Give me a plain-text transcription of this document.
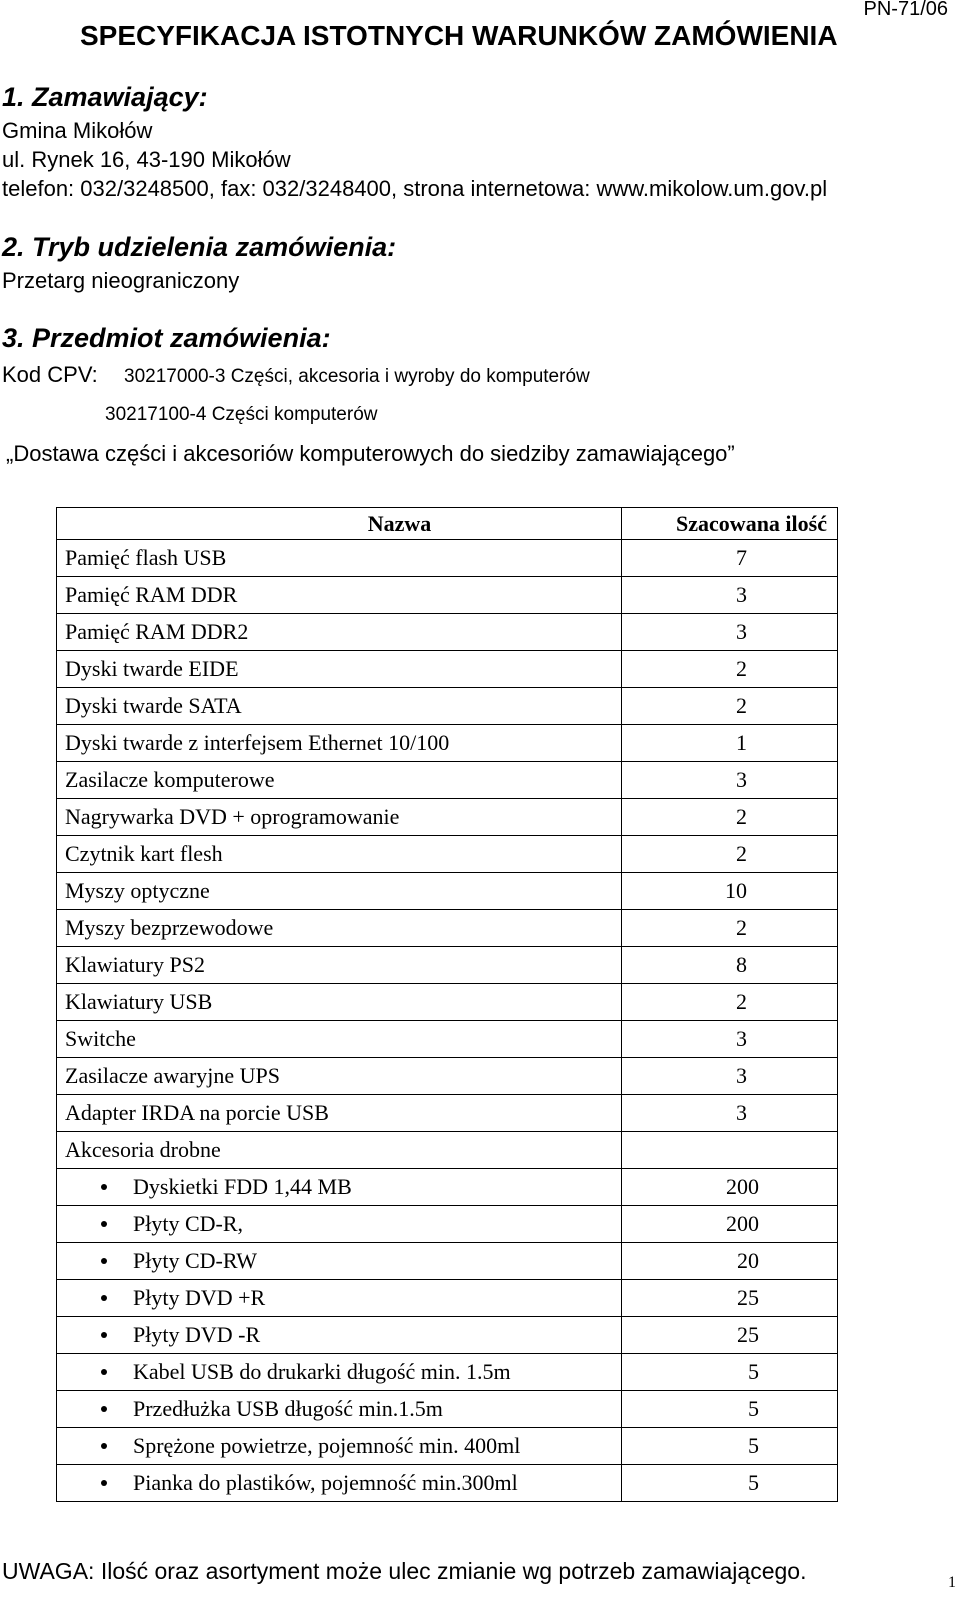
PN-71/06
SPECYFIKACJA ISTOTNYCH WARUNKÓW ZAMÓWIENIA
1. Zamawiający:

Gmina Mikołów

ul. Rynek 16, 43-190 Mikołów

telefon: 032/3248500, fax: 032/3248400, strona internetowa: www.mikolow.um.gov.pl

2. Tryb udzielenia zamówienia:

Przetarg nieograniczony

3. Przedmiot zamówienia:
Kod CPV: 30217000-3 Części, akcesoria i wyroby do komputerów
30217100-4 Części komputerów
„Dostawa części i akcesoriów komputerowych do siedziby zamawiającego”
Nazwa	Szacowana ilość
Pamięć flash USB	7
Pamięć RAM DDR	3
Pamięć RAM DDR2	3
Dyski twarde EIDE	2
Dyski twarde SATA	2
Dyski twarde z interfejsem Ethernet 10/100	1
Zasilacze komputerowe	3
Nagrywarka DVD + oprogramowanie	2
Czytnik kart flesh	2
Myszy optyczne	10
Myszy bezprzewodowe	2
Klawiatury PS2	8
Klawiatury USB	2
Switche	3
Zasilacze awaryjne UPS	3
Adapter IRDA na porcie USB	3
Akcesoria drobne	
Dyskietki FDD 1,44 MB	200
Płyty CD-R,	200
Płyty CD-RW	20
Płyty DVD +R	25
Płyty DVD -R	25
Kabel USB do drukarki długość min. 1.5m	5
Przedłużka USB długość min.1.5m	5
Sprężone powietrze, pojemność min. 400ml	5
Pianka do plastików, pojemność min.300ml	5

UWAGA: Ilość oraz asortyment może ulec zmianie wg potrzeb zamawiającego.	1
